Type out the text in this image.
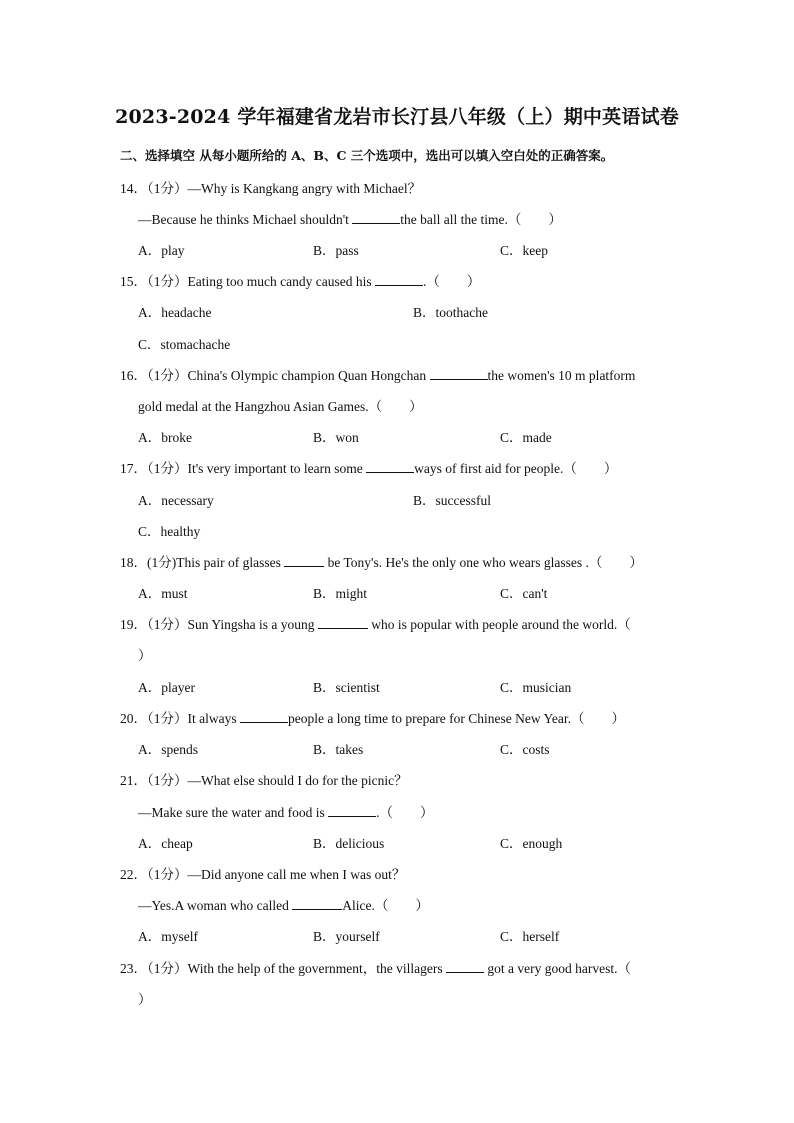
2023-2024 学年福建省龙岩市长汀县八年级（上）期中英语试卷
二、选择填空 从每小题所给的 A、B、C 三个选项中，选出可以填入空白处的正确答案。
14．（1分）—Why is Kangkang angry with Michael？
—Because he thinks Michael shouldn't	the ball all the time.（　　）
A．play	B．pass	C．keep
15．（1分）Eating too much candy caused his	.（　　）
A．headache	B．toothache
C．stomachache
16．（1分）China's Olympic champion Quan Hongchan	the women's 10 m platform
gold medal at the Hangzhou Asian Games.（　　）
A．broke	B．won	C．made
17．（1分）It's very important to learn some	ways of first aid for people.（　　）
A．necessary	B．successful
C．healthy
18．(1分)This pair of glasses	be Tony's. He's the only one who wears glasses .（　　）
A．must	B．might	C．can't
19．（1分）Sun Yingsha is a young	who is popular with people around the world.（
）
A．player	B．scientist	C．musician
20．（1分）It always	people a long time to prepare for Chinese New Year.（　　）
A．spends	B．takes	C．costs
21．（1分）—What else should I do for the picnic？
—Make sure the water and food is	.（　　）
A．cheap	B．delicious	C．enough
22．（1分）—Did anyone call me when I was out？
—Yes.A woman who called	Alice.（　　）
A．myself	B．yourself	C．herself
23．（1分）With the help of the government，the villagers	got a very good harvest.（
）
